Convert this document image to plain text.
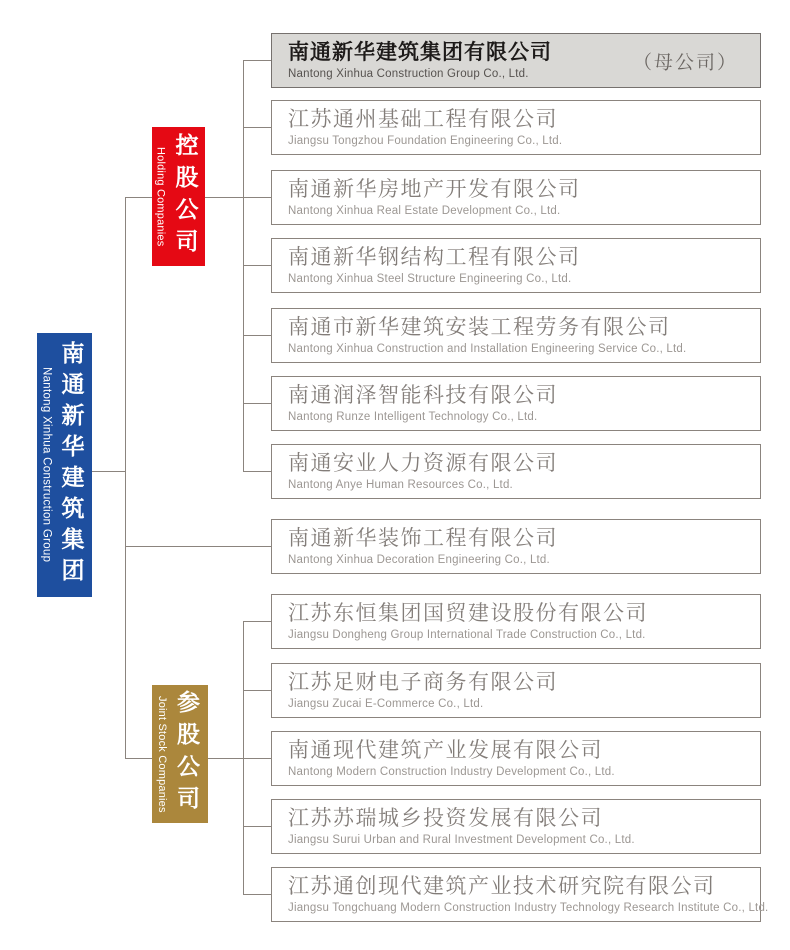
Nantong Xinhua Construction Group 南通新华建筑集团
Holding Companies 控股公司
Joint Stock Companies 参股公司
南通新华建筑集团有限公司
Nantong Xinhua Construction Group Co., Ltd.
（母公司）
江苏通州基础工程有限公司
Jiangsu Tongzhou Foundation Engineering Co., Ltd.
南通新华房地产开发有限公司
Nantong Xinhua Real Estate Development Co., Ltd.
南通新华钢结构工程有限公司
Nantong Xinhua Steel Structure Engineering Co., Ltd.
南通市新华建筑安装工程劳务有限公司
Nantong Xinhua Construction and Installation Engineering Service Co., Ltd.
南通润泽智能科技有限公司
Nantong Runze Intelligent Technology Co., Ltd.
南通安业人力资源有限公司
Nantong Anye Human Resources Co., Ltd.
南通新华装饰工程有限公司
Nantong Xinhua Decoration Engineering Co., Ltd.
江苏东恒集团国贸建设股份有限公司
Jiangsu Dongheng Group International Trade Construction Co., Ltd.
江苏足财电子商务有限公司
Jiangsu Zucai E-Commerce Co., Ltd.
南通现代建筑产业发展有限公司
Nantong Modern Construction Industry Development Co., Ltd.
江苏苏瑞城乡投资发展有限公司
Jiangsu Surui Urban and Rural Investment Development Co., Ltd.
江苏通创现代建筑产业技术研究院有限公司
Jiangsu Tongchuang Modern Construction Industry Technology Research Institute Co., Ltd.
